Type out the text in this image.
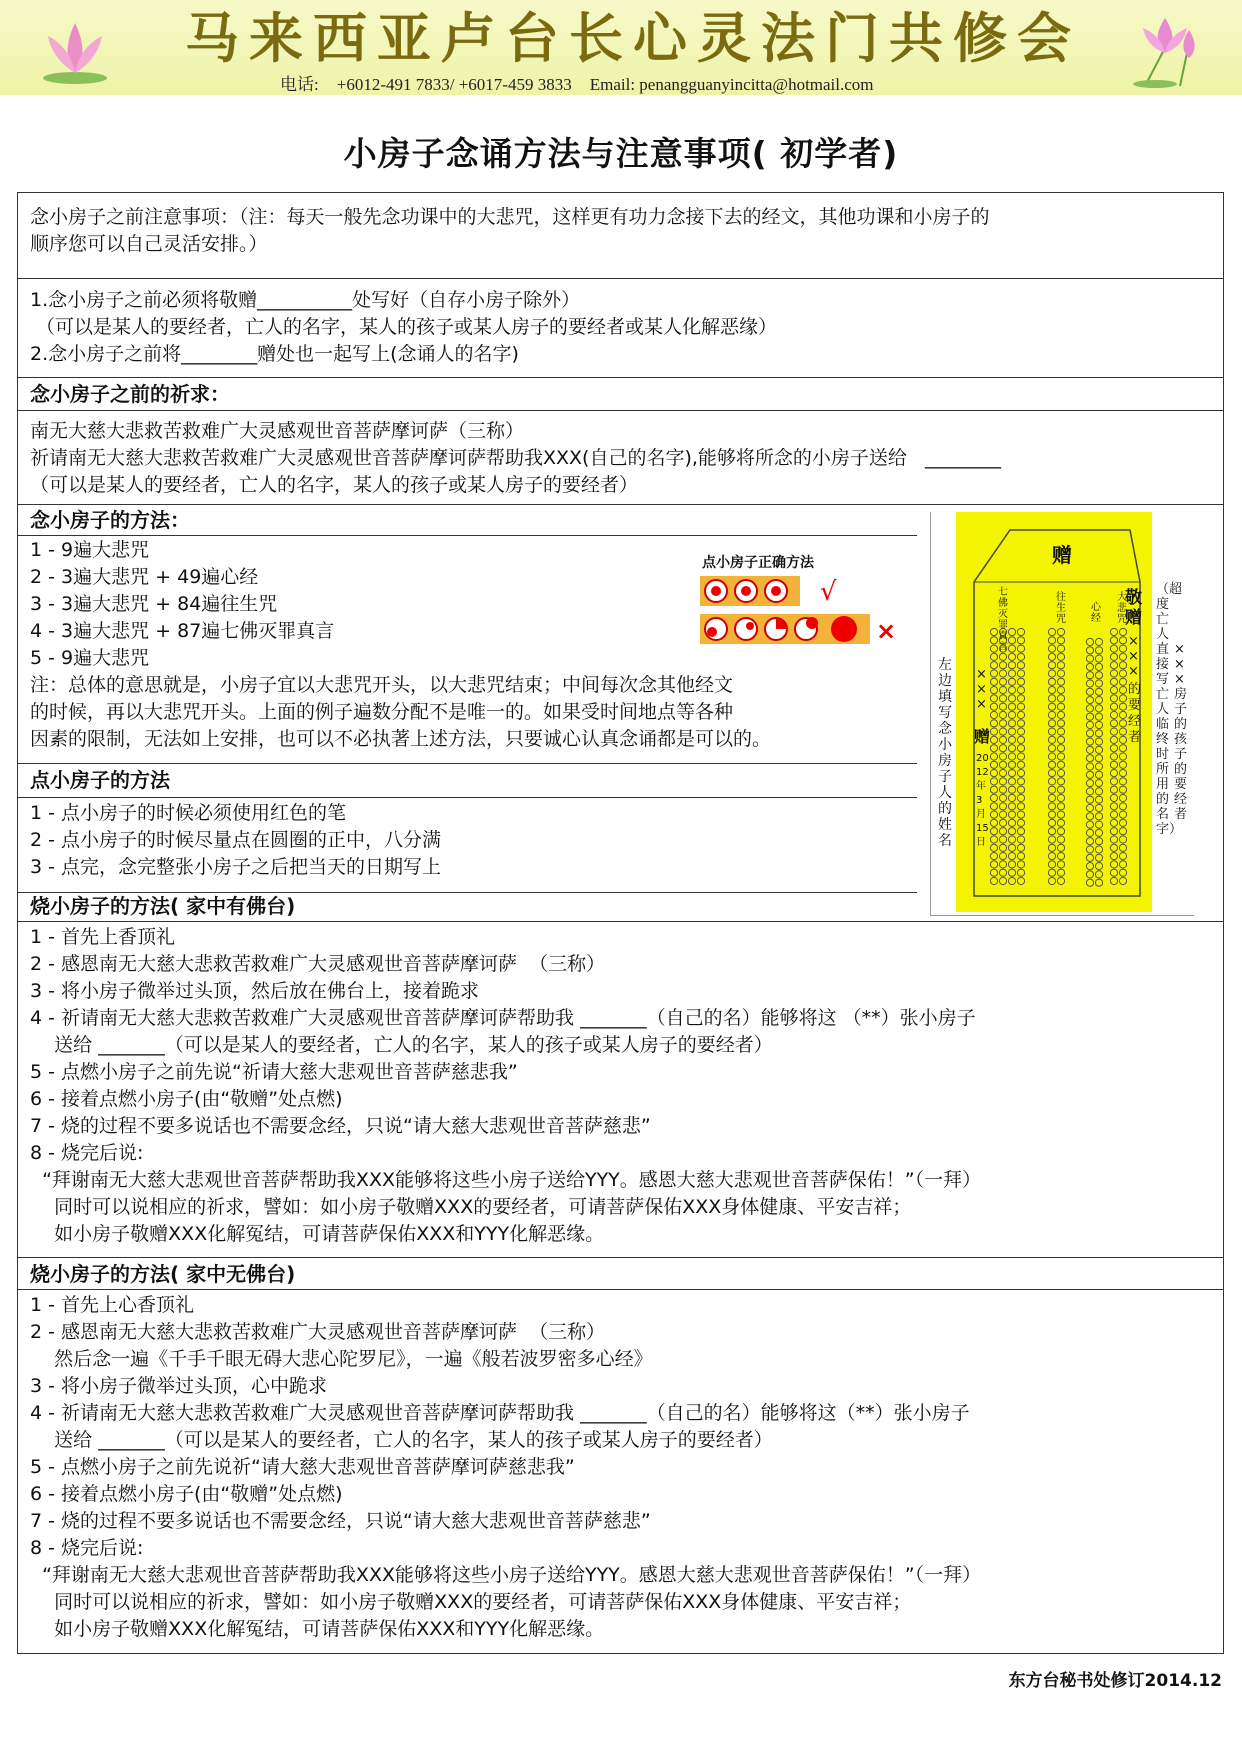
马来西亚卢台长心灵法门共修会
电话: +6012-491 7833/ +6017-459 3833 Email: penangguanyincitta@hotmail.com
小房子念诵方法与注意事项( 初学者)
念小房子之前注意事项：（注：每天一般先念功课中的大悲咒，这样更有功力念接下去的经文，其他功课和小房子的
顺序您可以自己灵活安排。）
1.念小房子之前必须将敬赠__________处写好（自存小房子除外）
（可以是某人的要经者，亡人的名字，某人的孩子或某人房子的要经者或某人化解恶缘）
2.念小房子之前将________赠处也一起写上(念诵人的名字)
念小房子之前的祈求：
南无大慈大悲救苦救难广大灵感观世音菩萨摩诃萨（三称）
祈请南无大慈大悲救苦救难广大灵感观世音菩萨摩诃萨帮助我XXX(自己的名字),能够将所念的小房子送给   ________
（可以是某人的要经者，亡人的名字，某人的孩子或某人房子的要经者）
念小房子的方法：
1 - 9遍大悲咒
2 - 3遍大悲咒 + 49遍心经
3 - 3遍大悲咒 + 84遍往生咒
4 - 3遍大悲咒 + 87遍七佛灭罪真言
5 - 9遍大悲咒
注：总体的意思就是，小房子宜以大悲咒开头，以大悲咒结束；中间每次念其他经文
的时候，再以大悲咒开头。上面的例子遍数分配不是唯一的。如果受时间地点等各种
因素的限制，无法如上安排，也可以不必执著上述方法，只要诚心认真念诵都是可以的。
点小房子正确方法
√
×
点小房子的方法
1 - 点小房子的时候必须使用红色的笔
2 - 点小房子的时候尽量点在圆圈的正中，八分满
3 - 点完，念完整张小房子之后把当天的日期写上
左边填写念小房子人的姓名
赠
七佛灭罪真言
往生咒
心经
大悲咒
敬赠
×××
的要经者
×××
赠
2012年3月15日
（超度亡人直接写亡人临终时所用的名字）
×××房子的孩子的要经者
烧小房子的方法( 家中有佛台)
1 - 首先上香顶礼
2 - 感恩南无大慈大悲救苦救难广大灵感观世音菩萨摩诃萨  （三称）
3 - 将小房子微举过头顶，然后放在佛台上，接着跪求
4 - 祈请南无大慈大悲救苦救难广大灵感观世音菩萨摩诃萨帮助我 _______（自己的名）能够将这 （**）张小房子
送给 _______（可以是某人的要经者，亡人的名字，某人的孩子或某人房子的要经者）
5 - 点燃小房子之前先说“祈请大慈大悲观世音菩萨慈悲我”
6 - 接着点燃小房子(由“敬赠”处点燃)
7 - 烧的过程不要多说话也不需要念经，只说“请大慈大悲观世音菩萨慈悲”
8 - 烧完后说:
“拜谢南无大慈大悲观世音菩萨帮助我XXX能够将这些小房子送给YYY。感恩大慈大悲观世音菩萨保佑！”（一拜）
同时可以说相应的祈求，譬如：如小房子敬赠XXX的要经者，可请菩萨保佑XXX身体健康、平安吉祥；
如小房子敬赠XXX化解冤结，可请菩萨保佑XXX和YYY化解恶缘。
烧小房子的方法( 家中无佛台)
1 - 首先上心香顶礼
2 - 感恩南无大慈大悲救苦救难广大灵感观世音菩萨摩诃萨  （三称）
然后念一遍《千手千眼无碍大悲心陀罗尼》，一遍《般若波罗密多心经》
3 - 将小房子微举过头顶，心中跪求
4 - 祈请南无大慈大悲救苦救难广大灵感观世音菩萨摩诃萨帮助我 _______（自己的名）能够将这（**）张小房子
送给 _______（可以是某人的要经者，亡人的名字，某人的孩子或某人房子的要经者）
5 - 点燃小房子之前先说祈“请大慈大悲观世音菩萨摩诃萨慈悲我”
6 - 接着点燃小房子(由“敬赠”处点燃)
7 - 烧的过程不要多说话也不需要念经，只说“请大慈大悲观世音菩萨慈悲”
8 - 烧完后说:
“拜谢南无大慈大悲观世音菩萨帮助我XXX能够将这些小房子送给YYY。感恩大慈大悲观世音菩萨保佑！”（一拜）
同时可以说相应的祈求，譬如：如小房子敬赠XXX的要经者，可请菩萨保佑XXX身体健康、平安吉祥；
如小房子敬赠XXX化解冤结，可请菩萨保佑XXX和YYY化解恶缘。
东方台秘书处修订2014.12
